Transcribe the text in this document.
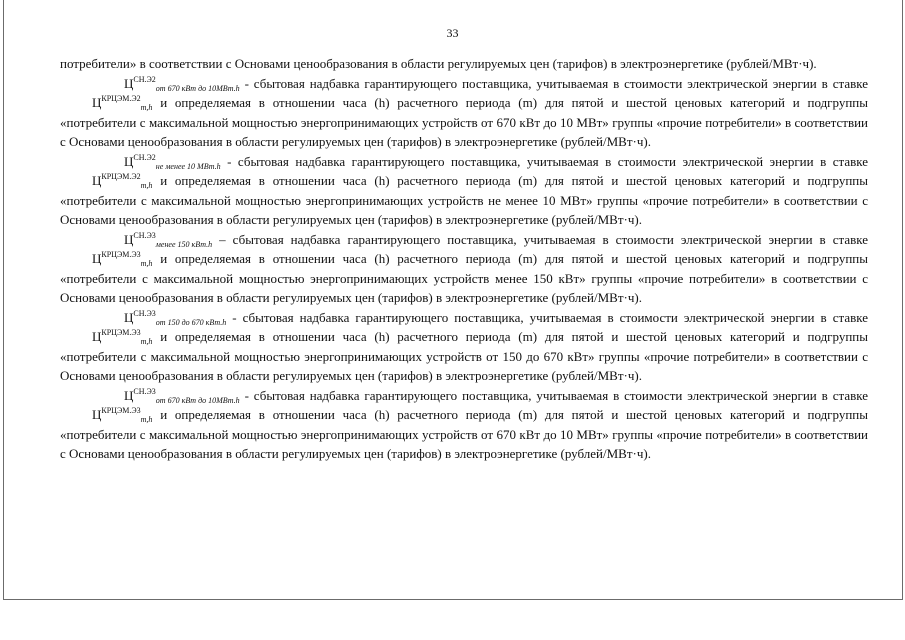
33

потребители» в соответствии с Основами ценообразования в области регулируемых цен (тарифов) в электроэнергетике (рублей/МВт·ч).

$Ц^{СН.Э2}_{от 670 кВт до 10МВт.h}$ - сбытовая надбавка гарантирующего поставщика, учитываемая в стоимости электрической энергии в ставке $Ц^{КРЦЭМ.Э2}_{m,h}$ и определяемая в отношении часа (h) расчетного периода (m) для пятой и шестой ценовых категорий и подгруппы «потребители с максимальной мощностью энергопринимающих устройств от 670 кВт до 10 МВт» группы «прочие потребители» в соответствии с Основами ценообразования в области регулируемых цен (тарифов) в электроэнергетике (рублей/МВт·ч).

$Ц^{СН.Э2}_{не менее 10 МВт.h}$ - сбытовая надбавка гарантирующего поставщика, учитываемая в стоимости электрической энергии в ставке $Ц^{КРЦЭМ.Э2}_{m,h}$ и определяемая в отношении часа (h) расчетного периода (m) для пятой и шестой ценовых категорий и подгруппы «потребители с максимальной мощностью энергопринимающих устройств не менее 10 МВт» группы «прочие потребители» в соответствии с Основами ценообразования в области регулируемых цен (тарифов) в электроэнергетике (рублей/МВт·ч).

$Ц^{СН.Э3}_{менее 150 кВт.h}$ – сбытовая надбавка гарантирующего поставщика, учитываемая в стоимости электрической энергии в ставке $Ц^{КРЦЭМ.Э3}_{m,h}$ и определяемая в отношении часа (h) расчетного периода (m) для пятой и шестой ценовых категорий и подгруппы «потребители с максимальной мощностью энергопринимающих устройств менее 150 кВт» группы «прочие потребители» в соответствии с Основами ценообразования в области регулируемых цен (тарифов) в электроэнергетике (рублей/МВт·ч).

$Ц^{СН.Э3}_{от 150 до 670 кВт.h}$ - сбытовая надбавка гарантирующего поставщика, учитываемая в стоимости электрической энергии в ставке $Ц^{КРЦЭМ.Э3}_{m,h}$ и определяемая в отношении часа (h) расчетного периода (m) для пятой и шестой ценовых категорий и подгруппы «потребители с максимальной мощностью энергопринимающих устройств от 150 до 670 кВт» группы «прочие потребители» в соответствии с Основами ценообразования в области регулируемых цен (тарифов) в электроэнергетике (рублей/МВт·ч).

$Ц^{СН.Э3}_{от 670 кВт до 10МВт.h}$ - сбытовая надбавка гарантирующего поставщика, учитываемая в стоимости электрической энергии в ставке $Ц^{КРЦЭМ.Э3}_{m,h}$ и определяемая в отношении часа (h) расчетного периода (m) для пятой и шестой ценовых категорий и подгруппы «потребители с максимальной мощностью энергопринимающих устройств от 670 кВт до 10 МВт» группы «прочие потребители» в соответствии с Основами ценообразования в области регулируемых цен (тарифов) в электроэнергетике (рублей/МВт·ч).
